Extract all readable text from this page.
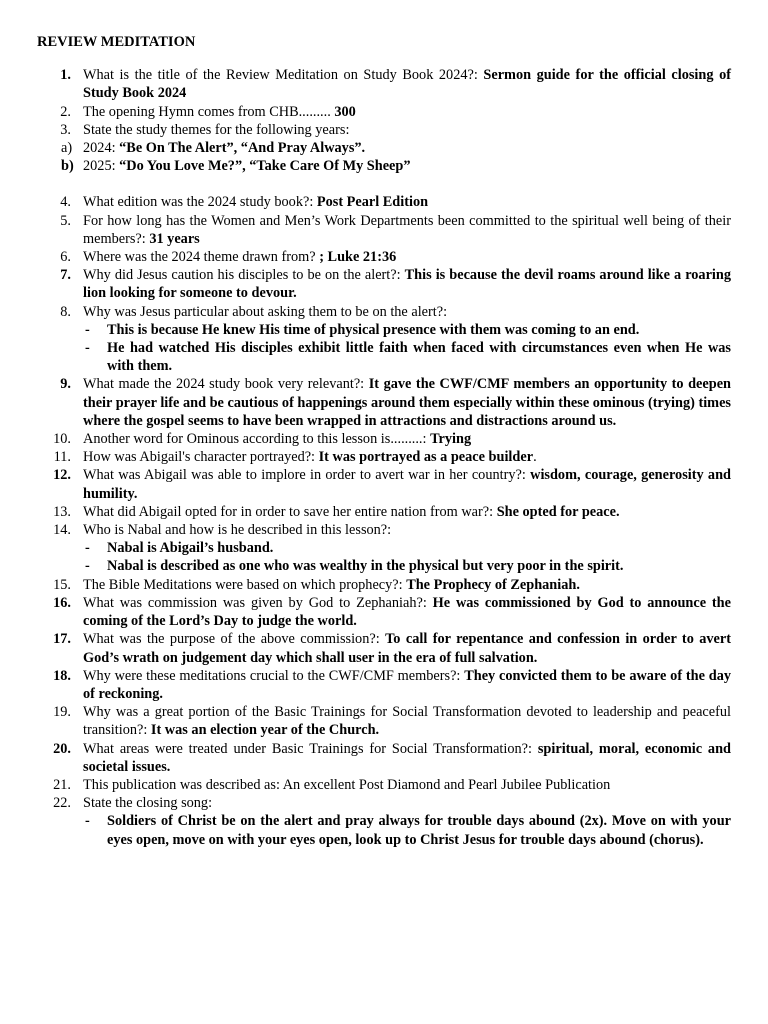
REVIEW MEDITATION
1. What is the title of the Review Meditation on Study Book 2024?: Sermon guide for the official closing of Study Book 2024
2. The opening Hymn comes from CHB......... 300
3. State the study themes for the following years:
a) 2024: “Be On The Alert”, “And Pray Always”.
b) 2025: “Do You Love Me?”, “Take Care Of My Sheep”
4. What edition was the 2024 study book?: Post Pearl Edition
5. For how long has the Women and Men’s Work Departments been committed to the spiritual well being of their members?: 31 years
6. Where was the 2024 theme drawn from? ; Luke 21:36
7. Why did Jesus caution his disciples to be on the alert?: This is because the devil roams around like a roaring lion looking for someone to devour.
8. Why was Jesus particular about asking them to be on the alert?:
- This is because He knew His time of physical presence with them was coming to an end.
- He had watched His disciples exhibit little faith when faced with circumstances even when He was with them.
9. What made the 2024 study book very relevant?: It gave the CWF/CMF members an opportunity to deepen their prayer life and be cautious of happenings around them especially within these ominous (trying) times where the gospel seems to have been wrapped in attractions and distractions around us.
10. Another word for Ominous according to this lesson is.........: Trying
11. How was Abigail's character portrayed?: It was portrayed as a peace builder.
12. What was Abigail was able to implore in order to avert war in her country?: wisdom, courage, generosity and humility.
13. What did Abigail opted for in order to save her entire nation from war?: She opted for peace.
14. Who is Nabal and how is he described in this lesson?:
- Nabal is Abigail’s husband.
- Nabal is described as one who was wealthy in the physical but very poor in the spirit.
15. The Bible Meditations were based on which prophecy?: The Prophecy of Zephaniah.
16. What was commission was given by God to Zephaniah?: He was commissioned by God to announce the coming of the Lord’s Day to judge the world.
17. What was the purpose of the above commission?: To call for repentance and confession in order to avert God’s wrath on judgement day which shall user in the era of full salvation.
18. Why were these meditations crucial to the CWF/CMF members?: They convicted them to be aware of the day of reckoning.
19. Why was a great portion of the Basic Trainings for Social Transformation devoted to leadership and peaceful transition?: It was an election year of the Church.
20. What areas were treated under Basic Trainings for Social Transformation?: spiritual, moral, economic and societal issues.
21. This publication was described as: An excellent Post Diamond and Pearl Jubilee Publication
22. State the closing song:
- Soldiers of Christ be on the alert and pray always for trouble days abound (2x). Move on with your eyes open, move on with your eyes open, look up to Christ Jesus for trouble days abound (chorus).
